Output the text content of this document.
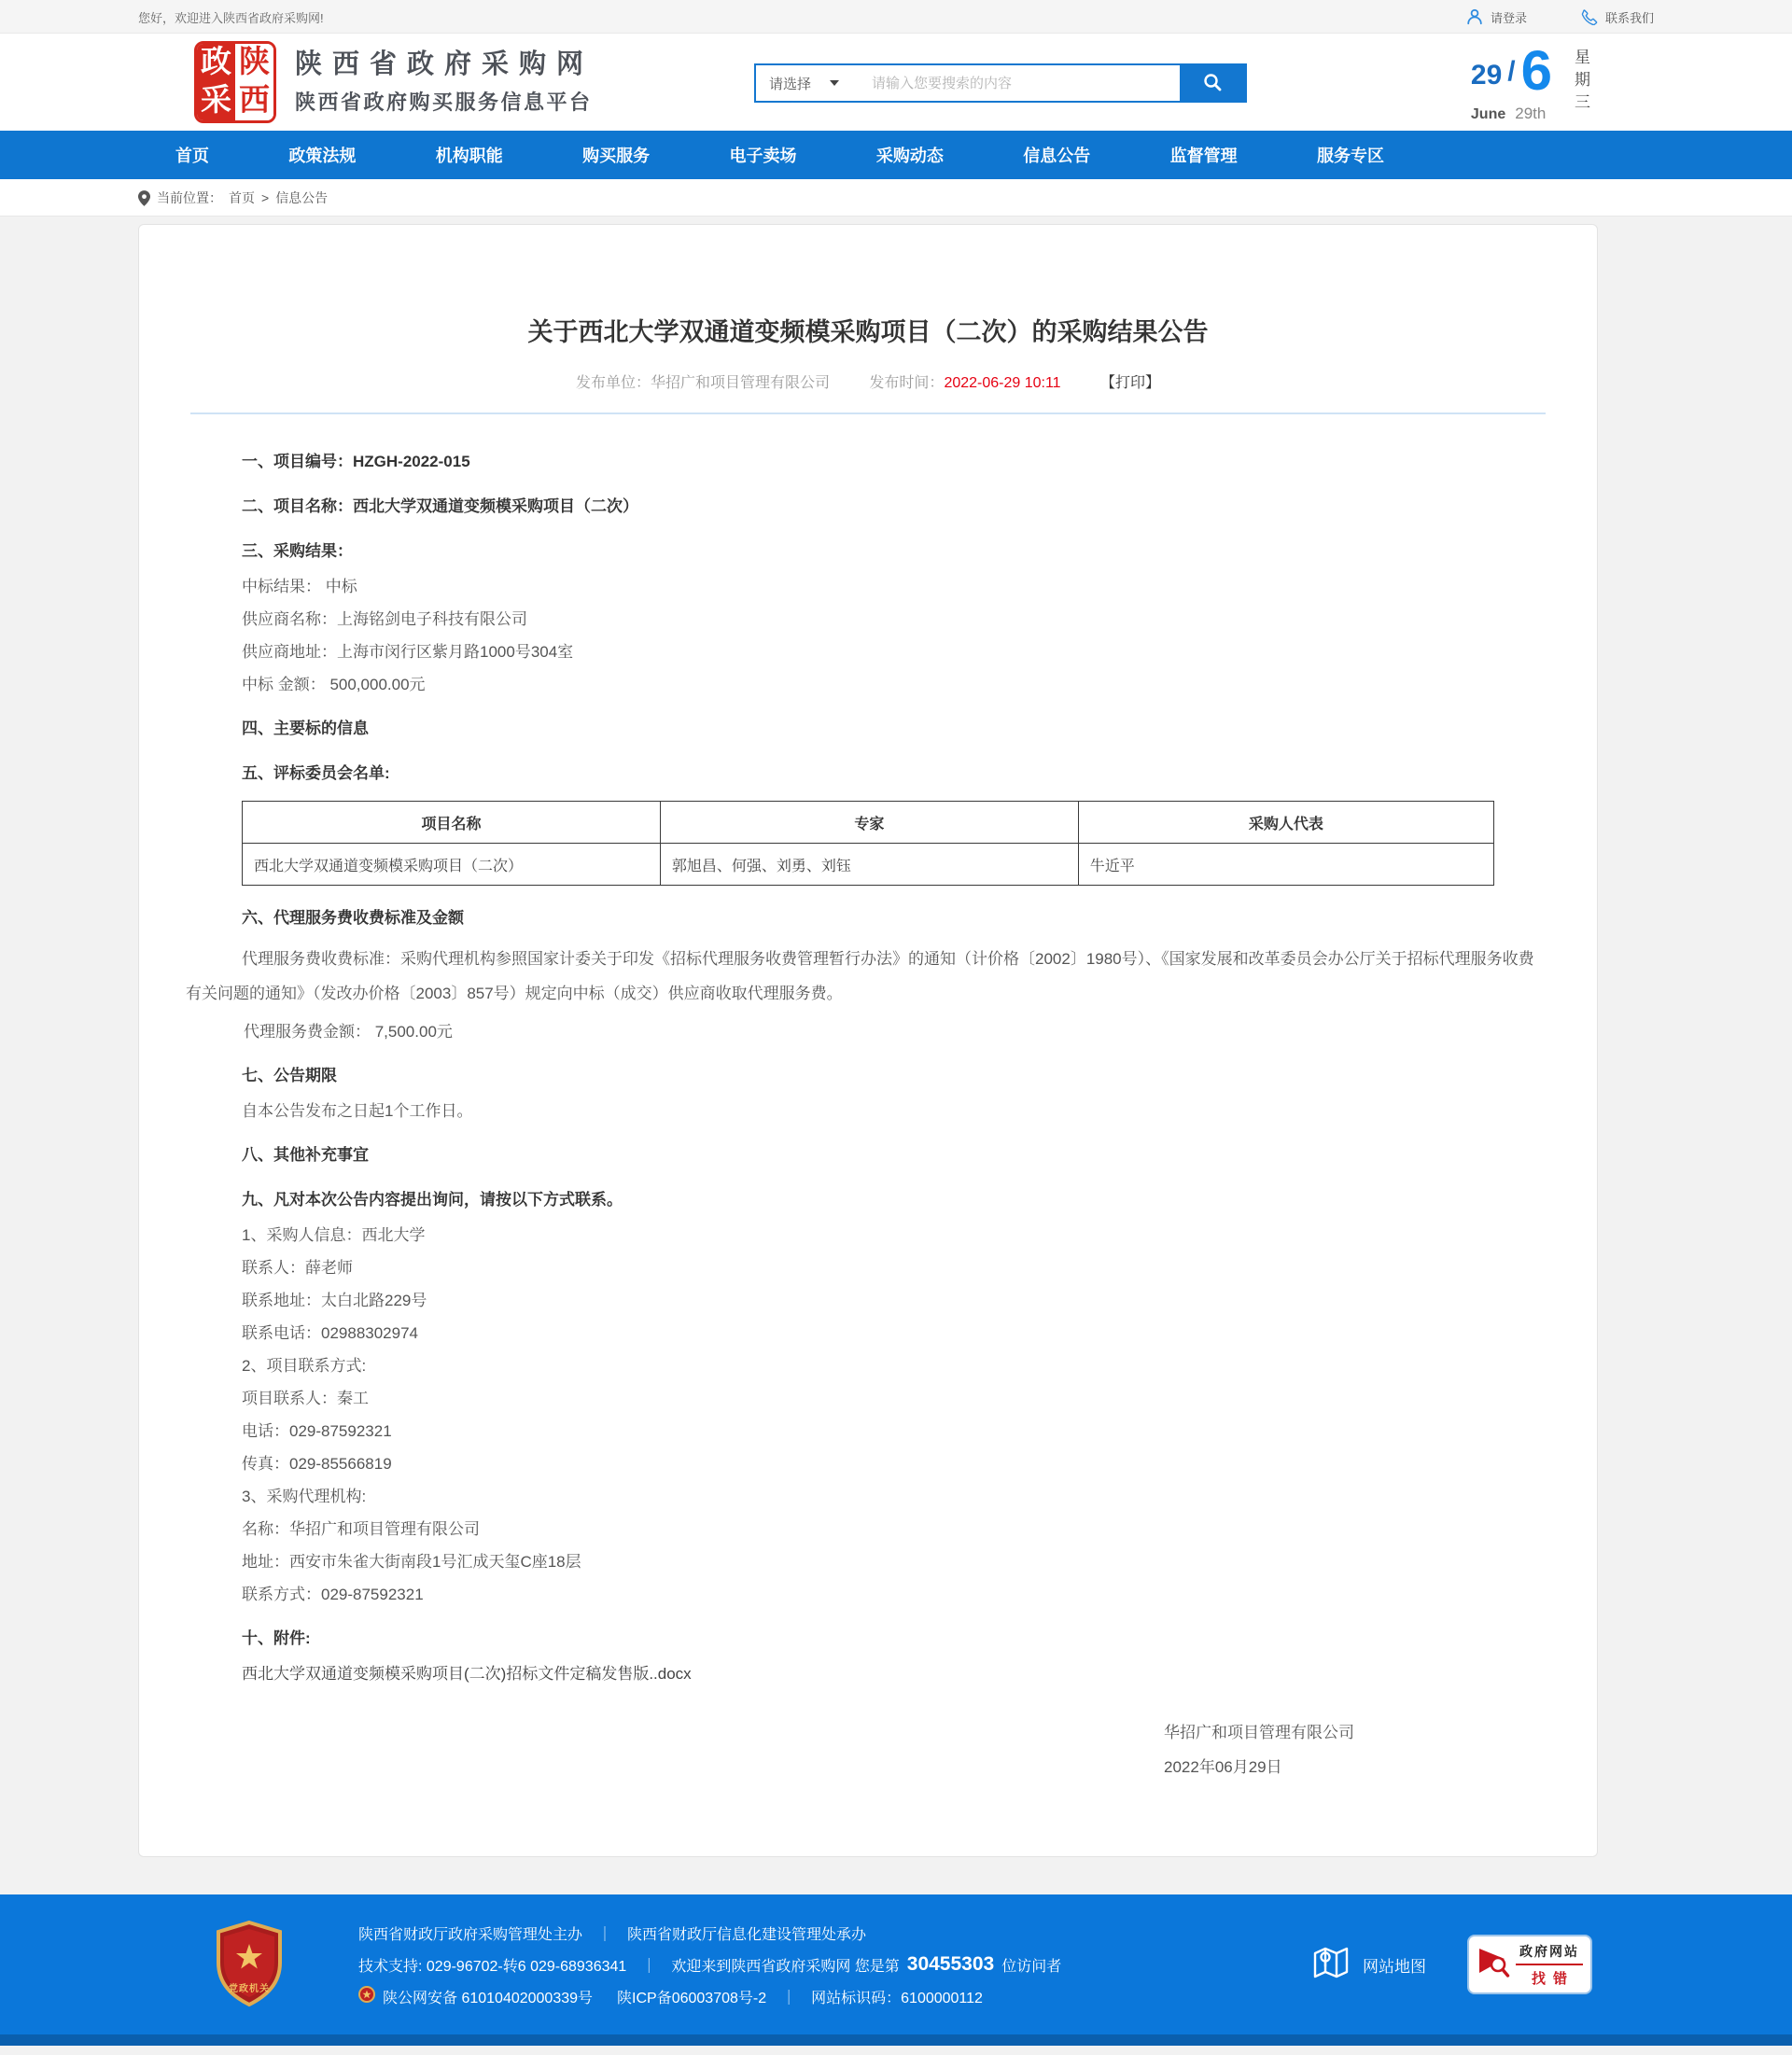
您好，欢迎进入陕西省政府采购网!	请登录	联系我们
政 陕
采 西
陕西省政府采购网
陕西省政府购买服务信息平台
请选择
请输入您要搜索的内容	29 / 6
June 29th	星期三
首页	政策法规	机构职能	购买服务	电子卖场	采购动态	信息公告	监督管理	服务专区
当前位置： 首页 > 信息公告
关于西北大学双通道变频模采购项目（二次）的采购结果公告
发布单位：华招广和项目管理有限公司	发布时间：2022-06-29 10:11	【打印】

一、项目编号：HZGH-2022-015

二、项目名称：西北大学双通道变频模采购项目（二次）

三、采购结果：

中标结果： 中标

供应商名称：上海铭剑电子科技有限公司

供应商地址：上海市闵行区紫月路1000号304室

中标 金额： 500,000.00元

四、主要标的信息

五、评标委员会名单:

项目名称	专家	采购人代表
西北大学双通道变频模采购项目（二次）	郭旭昌、何强、刘勇、刘钰	牛近平

六、代理服务费收费标准及金额

代理服务费收费标准：采购代理机构参照国家计委关于印发《招标代理服务收费管理暂行办法》的通知（计价格〔2002〕1980号）、《国家发展和改革委员会办公厅关于招标代理服务收费有关问题的通知》（发改办价格〔2003〕857号）规定向中标（成交）供应商收取代理服务费。

代理服务费金额： 7,500.00元

七、公告期限

自本公告发布之日起1个工作日。

八、其他补充事宜

九、凡对本次公告内容提出询问，请按以下方式联系。

1、采购人信息：西北大学

联系人：薛老师

联系地址：太白北路229号

联系电话：02988302974

2、项目联系方式:

项目联系人：秦工

电话：029-87592321

传真：029-85566819

3、采购代理机构:

名称：华招广和项目管理有限公司

地址：西安市朱雀大街南段1号汇成天玺C座18层

联系方式：029-87592321

十、附件:

西北大学双通道变频模采购项目(二次)招标文件定稿发售版..docx

华招广和项目管理有限公司
2022年06月29日
党政机关
陕西省财政厅政府采购管理处主办 ｜ 陕西省财政厅信息化建设管理处承办
技术支持: 029-96702-转6 029-68936341 ｜ 欢迎来到陕西省政府采购网 您是第 30455303 位访问者
陕公网安备 61010402000339号 陕ICP备06003708号-2 ｜ 网站标识码：6100000112
网站地图
政府网站
找错
